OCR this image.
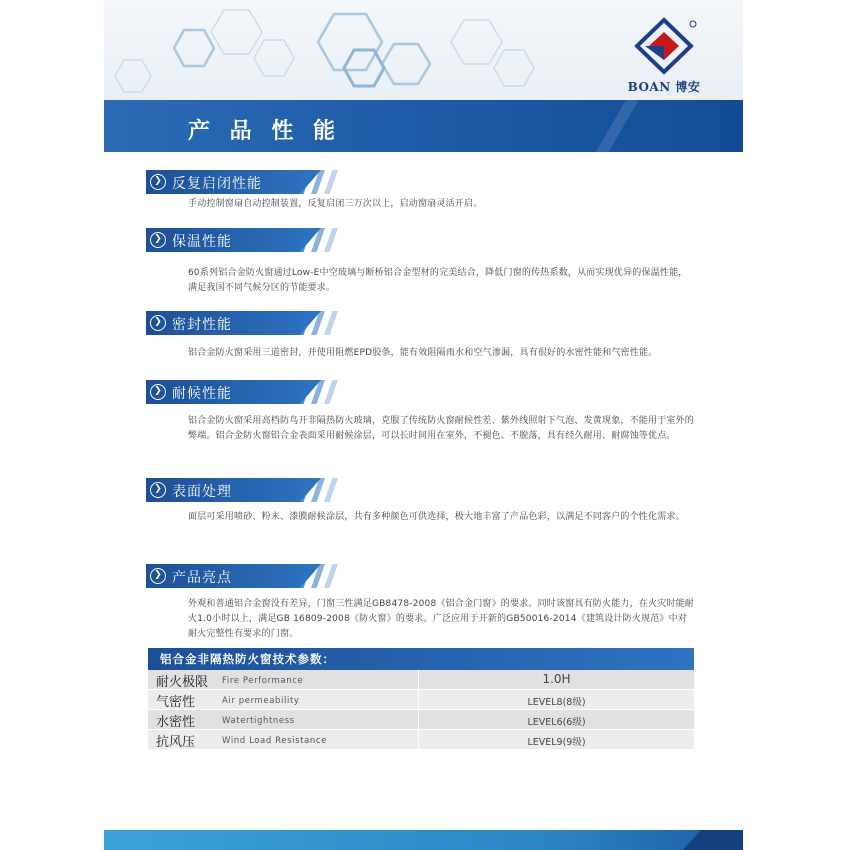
BOAN 博安
产 品 性 能
❯ 反复启闭性能
手动控制窗扇自动控制装置，反复启闭三万次以上，启动窗扇灵活开启。
❯ 保温性能
60系列铝合金防火窗通过Low-E中空玻璃与断桥铝合金型材的完美结合，降低门窗的传热系数，从而实现优异的保温性能，满足我国不同气候分区的节能要求。
❯ 密封性能
铝合金防火窗采用三道密封，并使用阻燃EPD胶条，能有效阻隔雨水和空气渗漏，具有很好的水密性能和气密性能。
❯ 耐候性能
铝合金防火窗采用高档防鸟开非隔热防火玻璃，克服了传统防火窗耐候性差、紫外线照射下气泡、发黄现象，不能用于室外的弊端。铝合金防火窗铝合金表面采用耐候涂层，可以长时间用在室外，不褪色、不脱落，具有经久耐用、耐腐蚀等优点。
❯ 表面处理
面层可采用喷砂、粉末、漆膜耐候涂层，共有多种颜色可供选择，极大地丰富了产品色彩，以满足不同客户的个性化需求。
❯ 产品亮点
外观和普通铝合金窗没有差异，门窗三性满足GB8478-2008《铝合金门窗》的要求。同时该窗具有防火能力，在火灾时能耐火1.0小时以上，满足GB 16809-2008《防火窗》的要求。广泛应用于开新的GB50016-2014《建筑设计防火规范》中对耐火完整性有要求的门窗。
铝合金非隔热防火窗技术参数：
耐火极限 Fire Performance	1.0H
气密性	Air permeability	LEVEL8(8级)
水密性	Watertightness	LEVEL6(6级)
抗风压	Wind Load Resistance	LEVEL9(9级)
